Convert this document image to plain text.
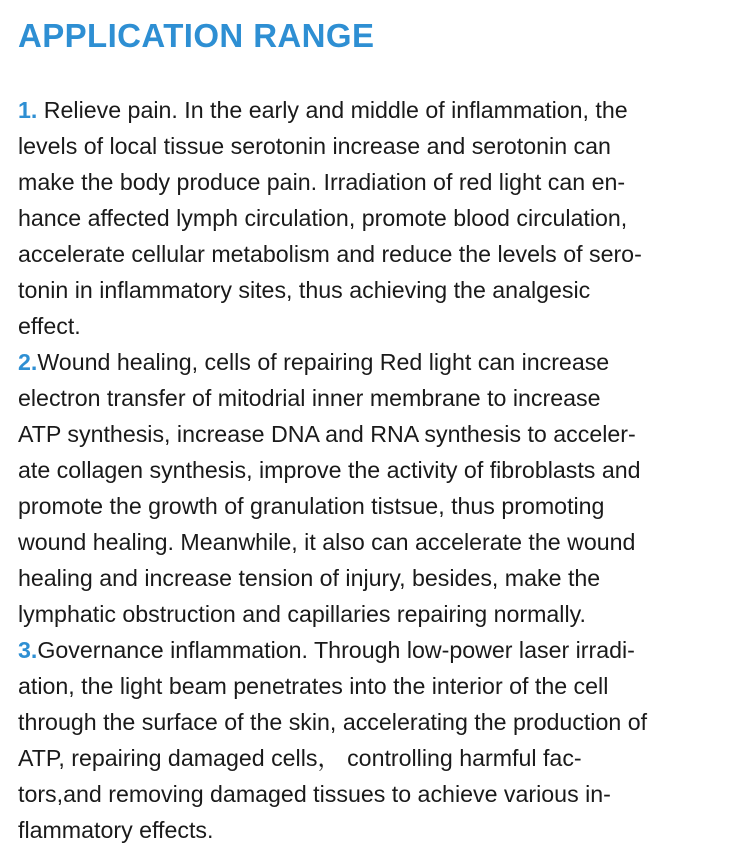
APPLICATION RANGE
1. Relieve pain. In the early and middle of inflammation, the
levels of local tissue serotonin increase and serotonin can
make the body produce pain. Irradiation of red light can en-
hance affected lymph circulation, promote blood circulation,
accelerate cellular metabolism and reduce the levels of sero-
tonin in inflammatory sites, thus achieving the analgesic
effect.
2.Wound healing, cells of repairing Red light can increase
electron transfer of mitodrial inner membrane to increase
ATP synthesis, increase DNA and RNA synthesis to acceler-
ate collagen synthesis, improve the activity of fibroblasts and
promote the growth of granulation tistsue, thus promoting
wound healing. Meanwhile, it also can accelerate the wound
healing and increase tension of injury, besides, make the
lymphatic obstruction and capillaries repairing normally.
3.Governance inflammation. Through low-power laser irradi-
ation, the light beam penetrates into the interior of the cell
through the surface of the skin, accelerating the production of
ATP, repairing damaged cells， controlling harmful fac-
tors,and removing damaged tissues to achieve various in-
flammatory effects.
